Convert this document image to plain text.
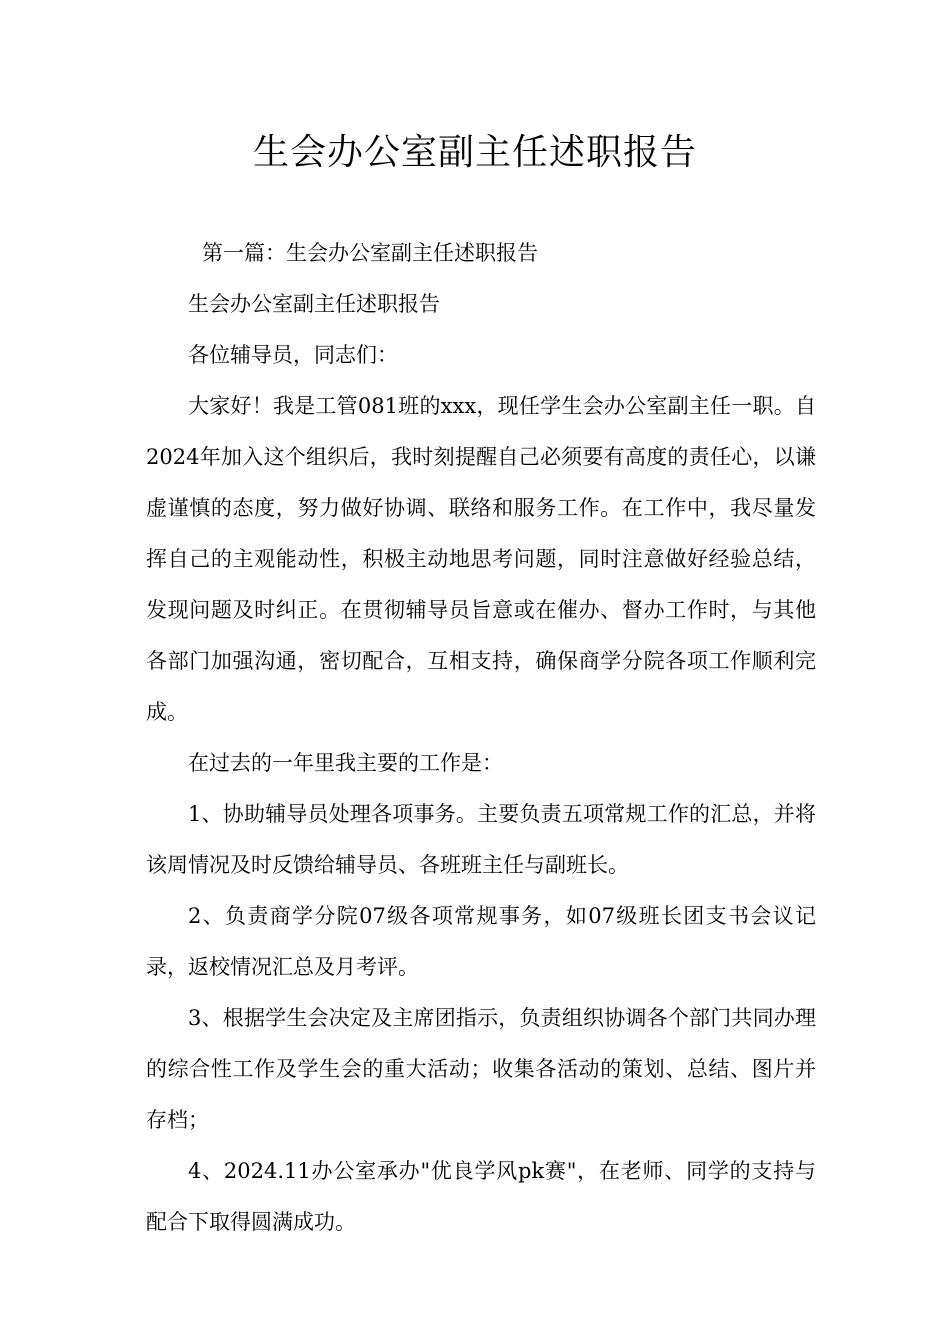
生会办公室副主任述职报告

第一篇：生会办公室副主任述职报告

生会办公室副主任述职报告

各位辅导员，同志们：

大家好！我是工管081班的xxx，现任学生会办公室副主任一职。自2024年加入这个组织后，我时刻提醒自己必须要有高度的责任心，以谦虚谨慎的态度，努力做好协调、联络和服务工作。在工作中，我尽量发挥自己的主观能动性，积极主动地思考问题，同时注意做好经验总结，发现问题及时纠正。在贯彻辅导员旨意或在催办、督办工作时，与其他各部门加强沟通，密切配合，互相支持，确保商学分院各项工作顺利完成。

在过去的一年里我主要的工作是：

1、协助辅导员处理各项事务。主要负责五项常规工作的汇总，并将该周情况及时反馈给辅导员、各班班主任与副班长。

2、负责商学分院07级各项常规事务，如07级班长团支书会议记录，返校情况汇总及月考评。

3、根据学生会决定及主席团指示，负责组织协调各个部门共同办理的综合性工作及学生会的重大活动；收集各活动的策划、总结、图片并存档；

4、2024.11办公室承办"优良学风pk赛"，在老师、同学的支持与配合下取得圆满成功。
